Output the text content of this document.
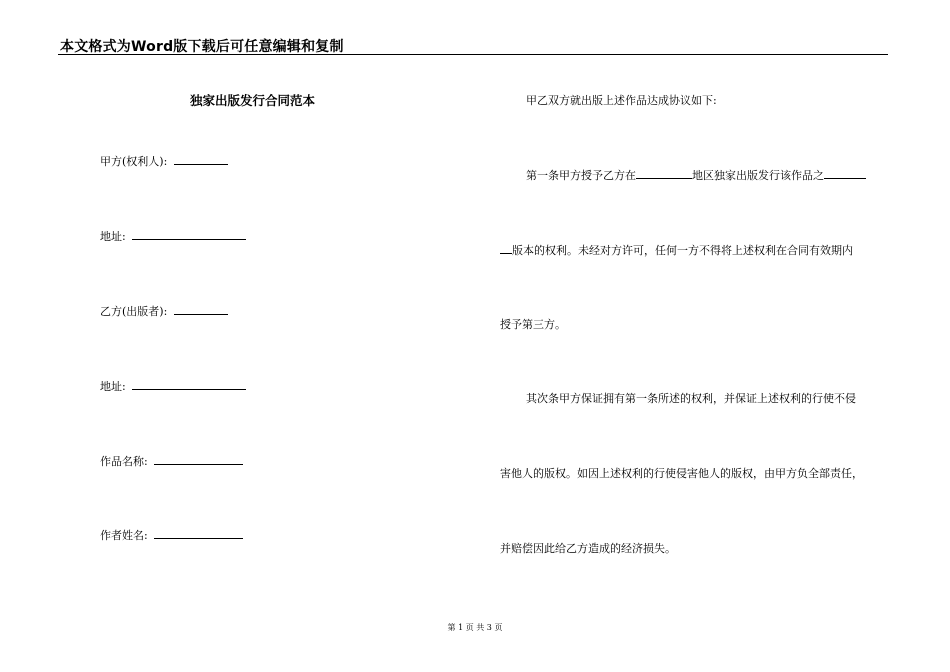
本文格式为Word版下载后可任意编辑和复制
独家出版发行合同范本
甲方(权利人):
地址:
乙方(出版者):
地址:
作品名称:
作者姓名:
甲乙双方就出版上述作品达成协议如下:
第一条甲方授予乙方在	地区独家出版发行该作品之
版本的权利。未经对方许可，任何一方不得将上述权利在合同有效期内
授予第三方。
其次条甲方保证拥有第一条所述的权利，并保证上述权利的行使不侵
害他人的版权。如因上述权利的行使侵害他人的版权，由甲方负全部责任，
并赔偿因此给乙方造成的经济损失。
第 1 页 共 3 页
